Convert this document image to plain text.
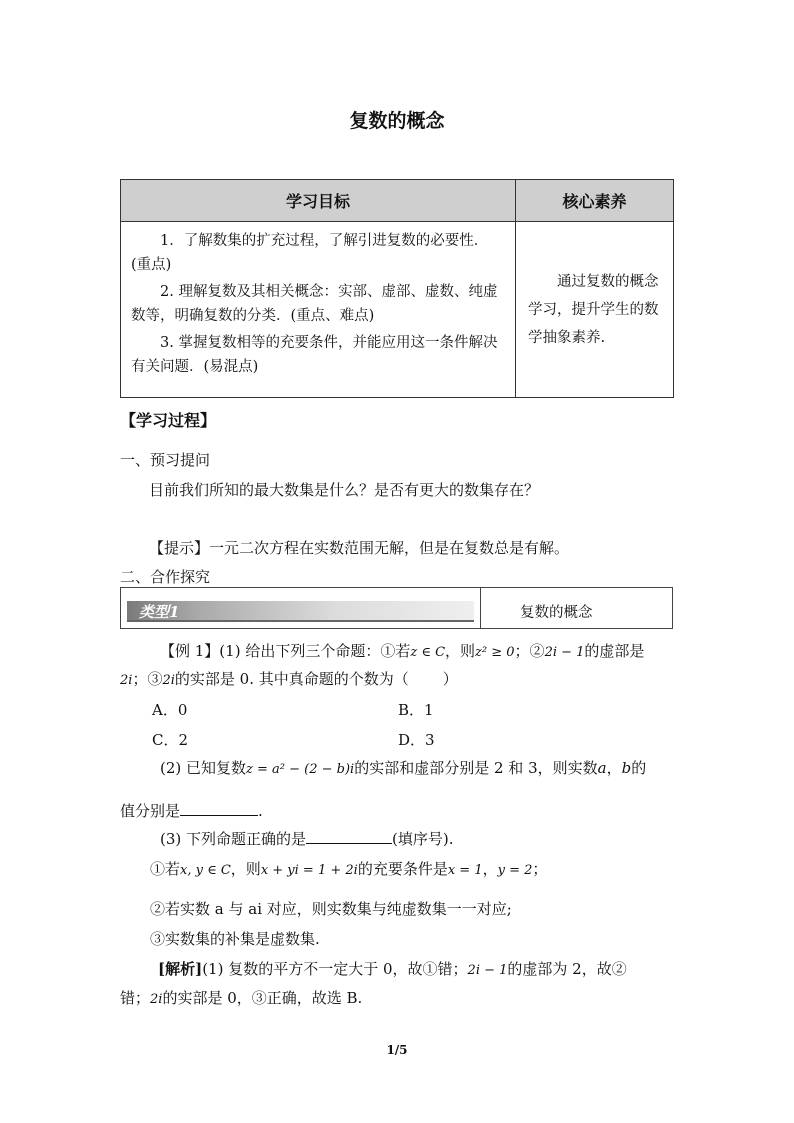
复数的概念
学习目标	核心素养

1．了解数集的扩充过程，了解引进复数的必要性．(重点)

2. 理解复数及其相关概念：实部、虚部、虚数、纯虚数等，明确复数的分类．(重点、难点)

3. 掌握复数相等的充要条件，并能应用这一条件解决有关问题．(易混点)	通过复数的概念学习，提升学生的数学抽象素养.

【学习过程】
一、预习提问
目前我们所知的最大数集是什么？是否有更大的数集存在？
【提示】一元二次方程在实数范围无解，但是在复数总是有解。
二、合作探究
类型1	复数的概念
【例 1】(1) 给出下列三个命题：①若z ∈ C，则z² ≥ 0；②2i − 1的虚部是
2i；③2i的实部是 0. 其中真命题的个数为（ ）
A．0	B．1
C．2	D．3
(2) 已知复数z = a² − (2 − b)i的实部和虚部分别是 2 和 3，则实数a，b的
值分别是	.
(3) 下列命题正确的是	(填序号).
①若x, y ∈ C，则x + yi = 1 + 2i的充要条件是x = 1，y = 2；
②若实数 a 与 ai 对应，则实数集与纯虚数集一一对应;
③实数集的补集是虚数集.
[解析](1) 复数的平方不一定大于 0，故①错；2i − 1的虚部为 2，故②
错；2i的实部是 0，③正确，故选 B.
1/5
